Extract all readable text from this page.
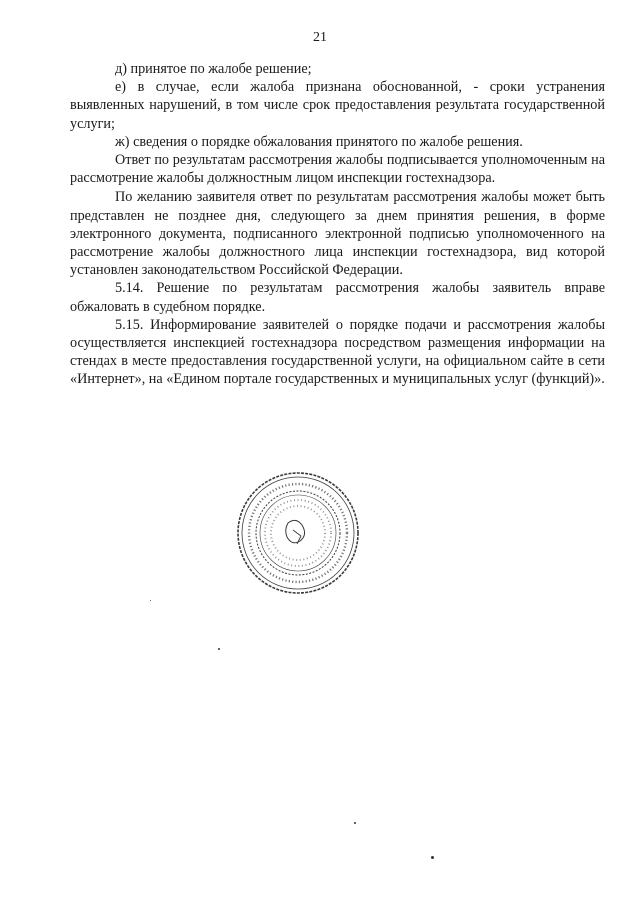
21

д) принятое по жалобе решение;

е) в случае, если жалоба признана обоснованной, - сроки устранения выявленных нарушений, в том числе срок предоставления результата государственной услуги;

ж) сведения о порядке обжалования принятого по жалобе решения.

Ответ по результатам рассмотрения жалобы подписывается уполномоченным на рассмотрение жалобы должностным лицом инспекции гостехнадзора.

По желанию заявителя ответ по результатам рассмотрения жалобы может быть представлен не позднее дня, следующего за днем принятия решения, в форме электронного документа, подписанного электронной подписью уполномоченного на рассмотрение жалобы должностного лица инспекции гостехнадзора, вид которой установлен законодательством Российской Федерации.

5.14. Решение по результатам рассмотрения жалобы заявитель вправе обжаловать в судебном порядке.

5.15. Информирование заявителей о порядке подачи и рассмотрения жалобы осуществляется инспекцией гостехнадзора посредством размещения информации на стендах в месте предоставления государственной услуги, на официальном сайте в сети «Интернет», на «Едином портале государственных и муниципальных услуг (функций)».
